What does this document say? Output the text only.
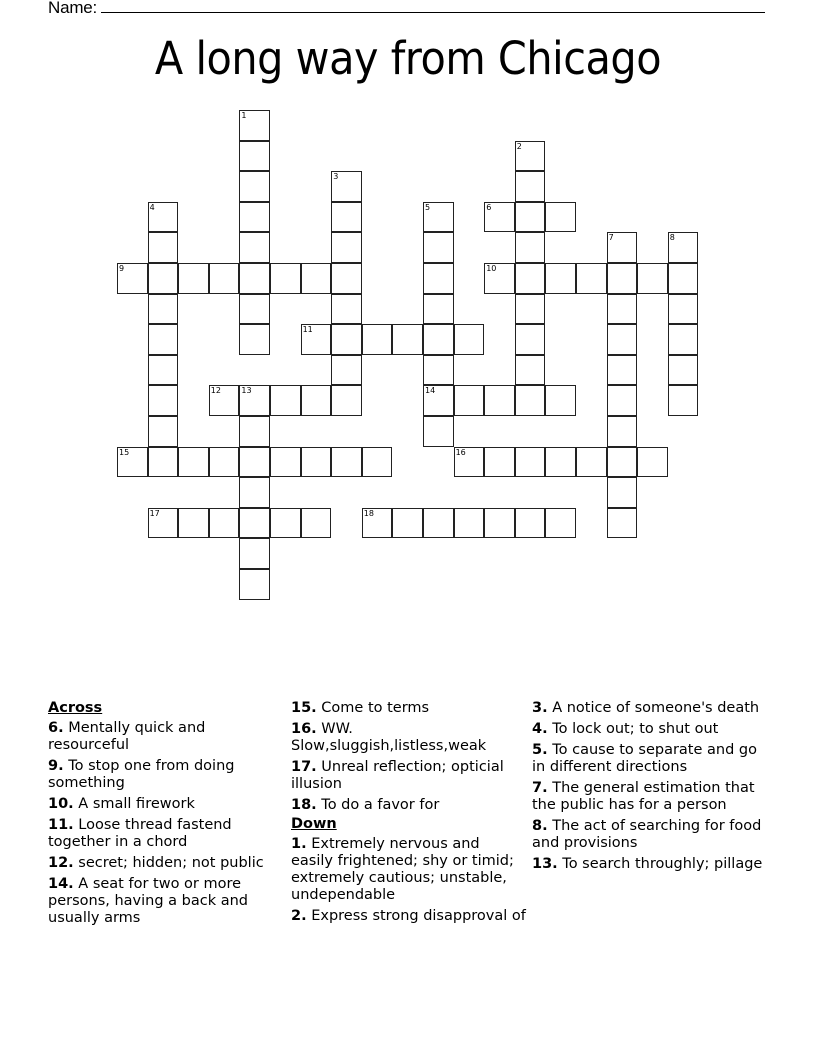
Name:
A long way from Chicago
1
2
3
4	5
14
6
7	8
9	10
11
12	13
15	16
17	18
Across
6. Mentally quick and resourceful
9. To stop one from doing something
10. A small firework
11. Loose thread fastend together in a chord
12. secret; hidden; not public
14. A seat for two or more persons, having a back and usually arms
15. Come to terms
16. WW. Slow,sluggish,listless,weak
17. Unreal reflection; opticial illusion
18. To do a favor for
Down
1. Extremely nervous and easily frightened; shy or timid; extremely cautious; unstable, undependable
2. Express strong disapproval of
3. A notice of someone's death
4. To lock out; to shut out
5. To cause to separate and go in different directions
7. The general estimation that the public has for a person
8. The act of searching for food and provisions
13. To search throughly; pillage
